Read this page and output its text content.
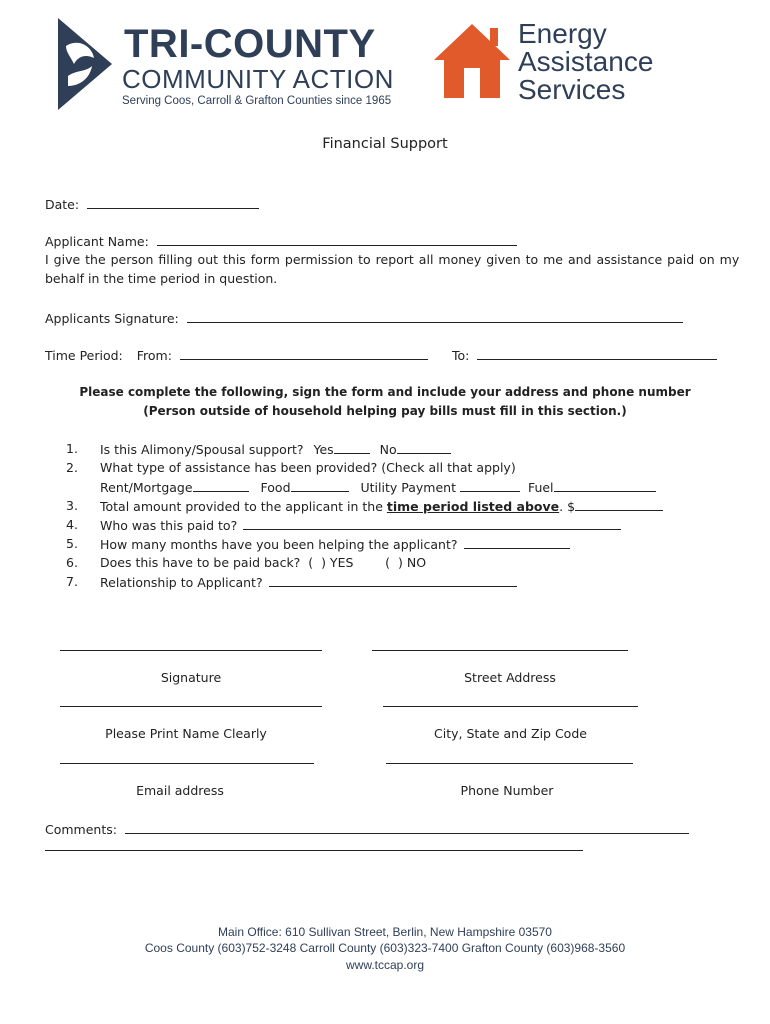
TRI-COUNTY
COMMUNITY ACTION
Serving Coos, Carroll & Grafton Counties since 1965
Energy
Assistance
Services
Financial Support
Date:
Applicant Name:
I give the person filling out this form permission to report all money given to me and assistance paid on my
behalf in the time period in question.
Applicants Signature:
Time Period: From:	To:
Please complete the following, sign the form and include your address and phone number
(Person outside of household helping pay bills must fill in this section.)
1. Is this Alimony/Spousal support? Yes	No
2. What type of assistance has been provided? (Check all that apply)
Rent/Mortgage	Food	Utility Payment	Fuel
3. Total amount provided to the applicant in the time period listed above. $
4. Who was this paid to?
5. How many months have you been helping the applicant?
6. Does this have to be paid back?  (  ) YES        (  ) NO
7. Relationship to Applicant?
Signature	Street Address
Please Print Name Clearly	City, State and Zip Code
Email address	Phone Number
Comments:
Main Office: 610 Sullivan Street, Berlin, New Hampshire 03570
Coos County (603)752-3248 Carroll County (603)323-7400 Grafton County (603)968-3560
www.tccap.org
